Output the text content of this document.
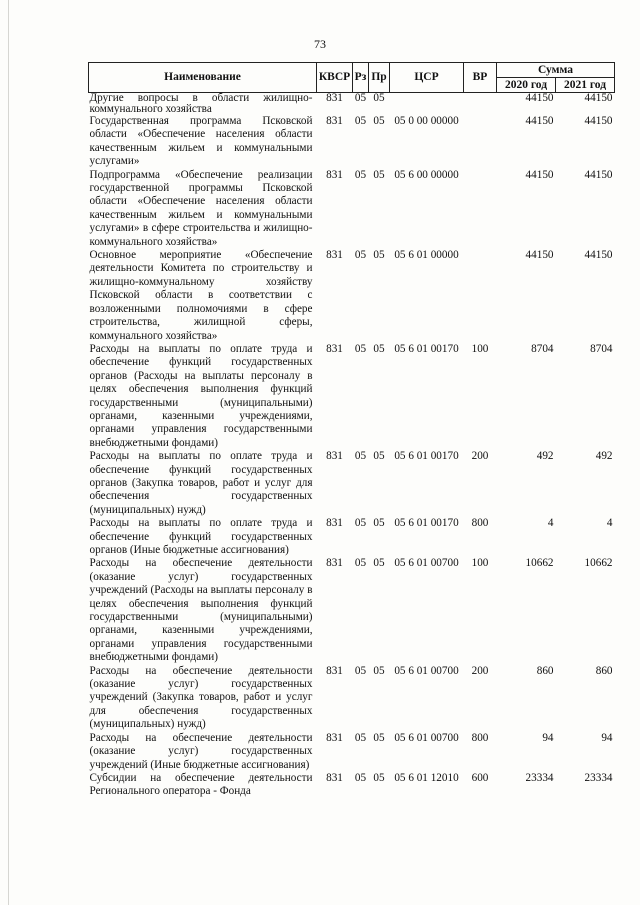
73
Наименование	КВСР	Рз	Пр	ЦСР	ВР	Сумма	
						2020 год	2021 год
Другие вопросы в области жилищно-коммунального хозяйства	831	05	05			44150	44150
Государственная программа Псковской области «Обеспечение населения области качественным жильем и коммунальными услугами»	831	05	05	05 0 00 00000		44150	44150
Подпрограмма «Обеспечение реализации государственной программы Псковской области «Обеспечение населения области качественным жильем и коммунальными услугами» в сфере строительства и жилищно-коммунального хозяйства»	831	05	05	05 6 00 00000		44150	44150
Основное мероприятие «Обеспечение деятельности Комитета по строительству и жилищно-коммунальному хозяйству Псковской области в соответствии с возложенными полномочиями в сфере строительства, жилищной сферы, коммунального хозяйства»	831	05	05	05 6 01 00000		44150	44150
Расходы на выплаты по оплате труда и обеспечение функций государственных органов (Расходы на выплаты персоналу в целях обеспечения выполнения функций государственными (муниципальными) органами, казенными учреждениями, органами управления государственными внебюджетными фондами)	831	05	05	05 6 01 00170	100	8704	8704
Расходы на выплаты по оплате труда и обеспечение функций государственных органов (Закупка товаров, работ и услуг для обеспечения государственных (муниципальных) нужд)	831	05	05	05 6 01 00170	200	492	492
Расходы на выплаты по оплате труда и обеспечение функций государственных органов (Иные бюджетные ассигнования)	831	05	05	05 6 01 00170	800	4	4
Расходы на обеспечение деятельности (оказание услуг) государственных учреждений (Расходы на выплаты персоналу в целях обеспечения выполнения функций государственными (муниципальными) органами, казенными учреждениями, органами управления государственными внебюджетными фондами)	831	05	05	05 6 01 00700	100	10662	10662
Расходы на обеспечение деятельности (оказание услуг) государственных учреждений (Закупка товаров, работ и услуг для обеспечения государственных (муниципальных) нужд)	831	05	05	05 6 01 00700	200	860	860
Расходы на обеспечение деятельности (оказание услуг) государственных учреждений (Иные бюджетные ассигнования)	831	05	05	05 6 01 00700	800	94	94
Субсидии на обеспечение деятельности Регионального оператора - Фонда	831	05	05	05 6 01 12010	600	23334	23334
